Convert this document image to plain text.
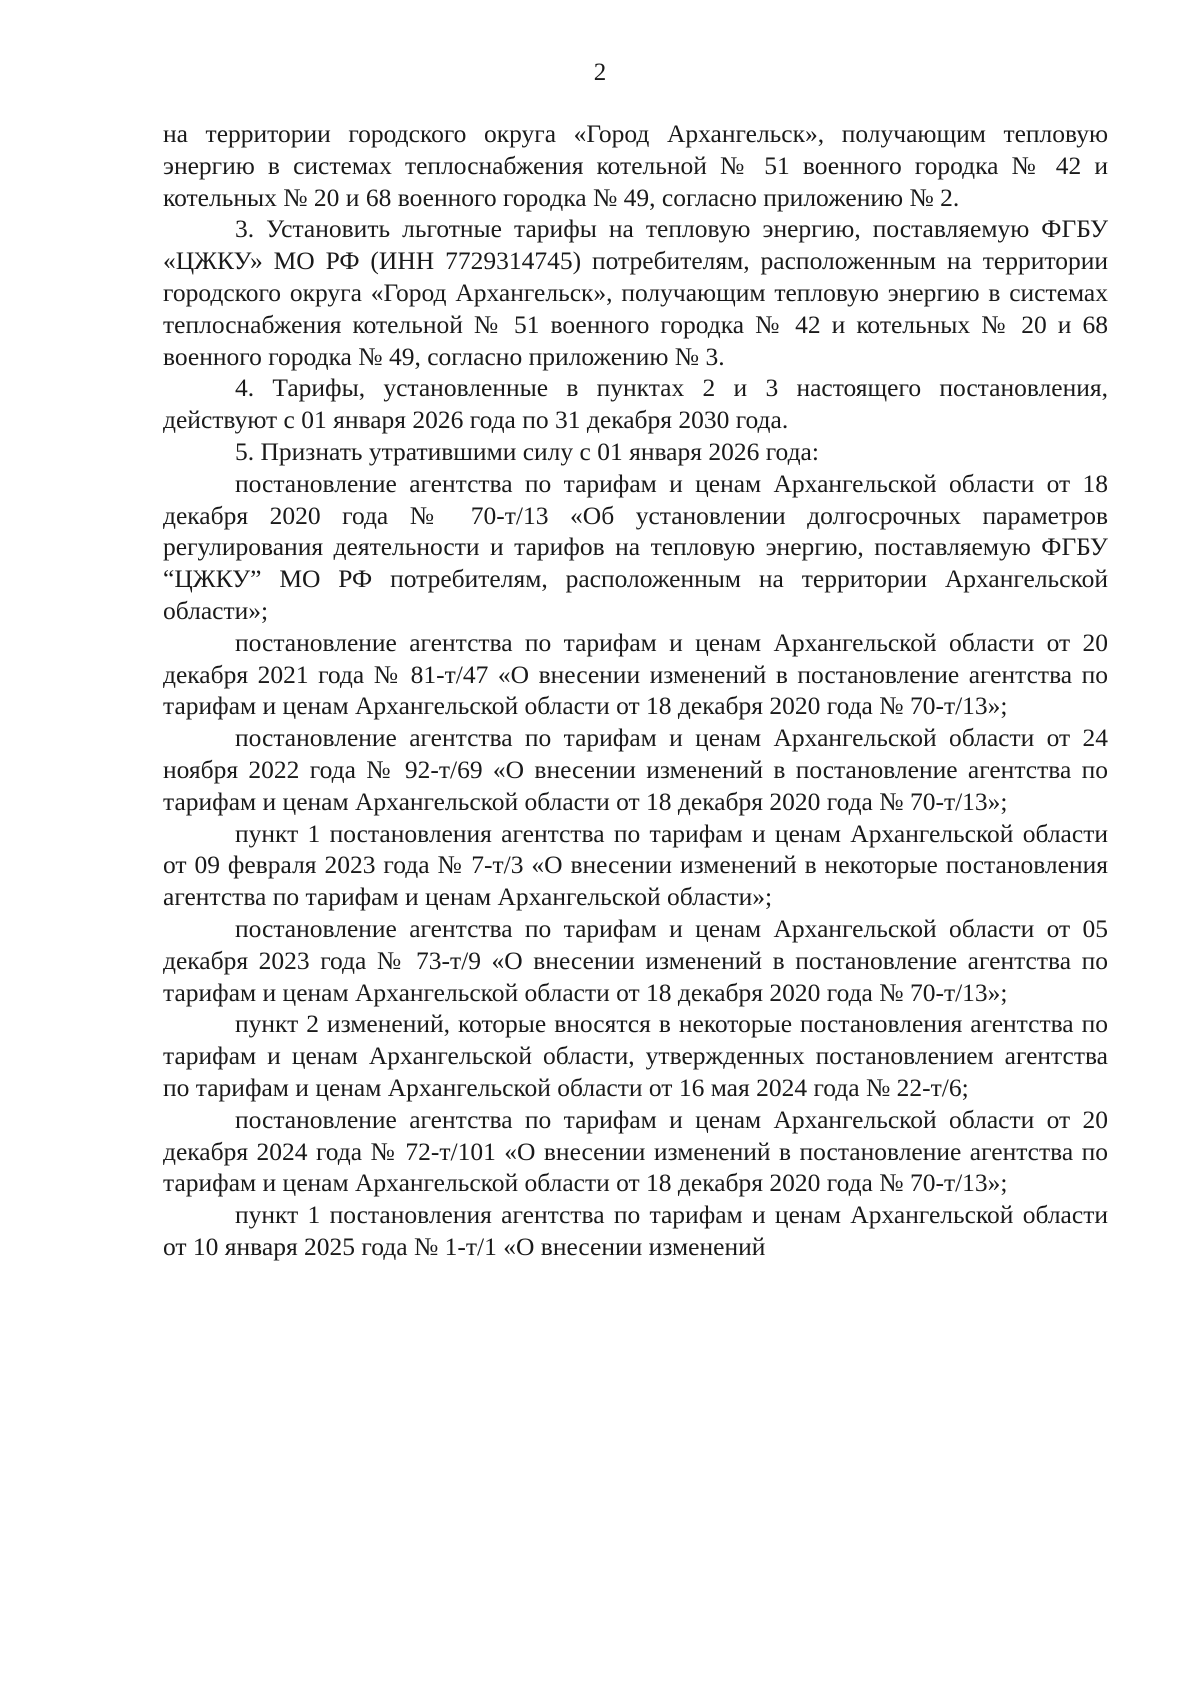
2

на территории городского округа «Город Архангельск», получающим тепловую энергию в системах теплоснабжения котельной № 51 военного городка № 42 и котельных № 20 и 68 военного городка № 49, согласно приложению № 2.

3. Установить льготные тарифы на тепловую энергию, поставляемую ФГБУ «ЦЖКУ» МО РФ (ИНН 7729314745) потребителям, расположенным на территории городского округа «Город Архангельск», получающим тепловую энергию в системах теплоснабжения котельной № 51 военного городка № 42 и котельных № 20 и 68 военного городка № 49, согласно приложению № 3.

4. Тарифы, установленные в пунктах 2 и 3 настоящего постановления, действуют с 01 января 2026 года по 31 декабря 2030 года.

5. Признать утратившими силу с 01 января 2026 года:

постановление агентства по тарифам и ценам Архангельской области от 18 декабря 2020 года № 70-т/13 «Об установлении долгосрочных параметров регулирования деятельности и тарифов на тепловую энергию, поставляемую ФГБУ “ЦЖКУ” МО РФ потребителям, расположенным на территории Архангельской области»;

постановление агентства по тарифам и ценам Архангельской области от 20 декабря 2021 года № 81-т/47 «О внесении изменений в постановление агентства по тарифам и ценам Архангельской области от 18 декабря 2020 года № 70-т/13»;

постановление агентства по тарифам и ценам Архангельской области от 24 ноября 2022 года № 92-т/69 «О внесении изменений в постановление агентства по тарифам и ценам Архангельской области от 18 декабря 2020 года № 70-т/13»;

пункт 1 постановления агентства по тарифам и ценам Архангельской области от 09 февраля 2023 года № 7-т/3 «О внесении изменений в некоторые постановления агентства по тарифам и ценам Архангельской области»;

постановление агентства по тарифам и ценам Архангельской области от 05 декабря 2023 года № 73-т/9 «О внесении изменений в постановление агентства по тарифам и ценам Архангельской области от 18 декабря 2020 года № 70-т/13»;

пункт 2 изменений, которые вносятся в некоторые постановления агентства по тарифам и ценам Архангельской области, утвержденных постановлением агентства по тарифам и ценам Архангельской области от 16 мая 2024 года № 22-т/6;

постановление агентства по тарифам и ценам Архангельской области от 20 декабря 2024 года № 72-т/101 «О внесении изменений в постановление агентства по тарифам и ценам Архангельской области от 18 декабря 2020 года № 70-т/13»;

пункт 1 постановления агентства по тарифам и ценам Архангельской области от 10 января 2025 года № 1-т/1 «О внесении изменений
